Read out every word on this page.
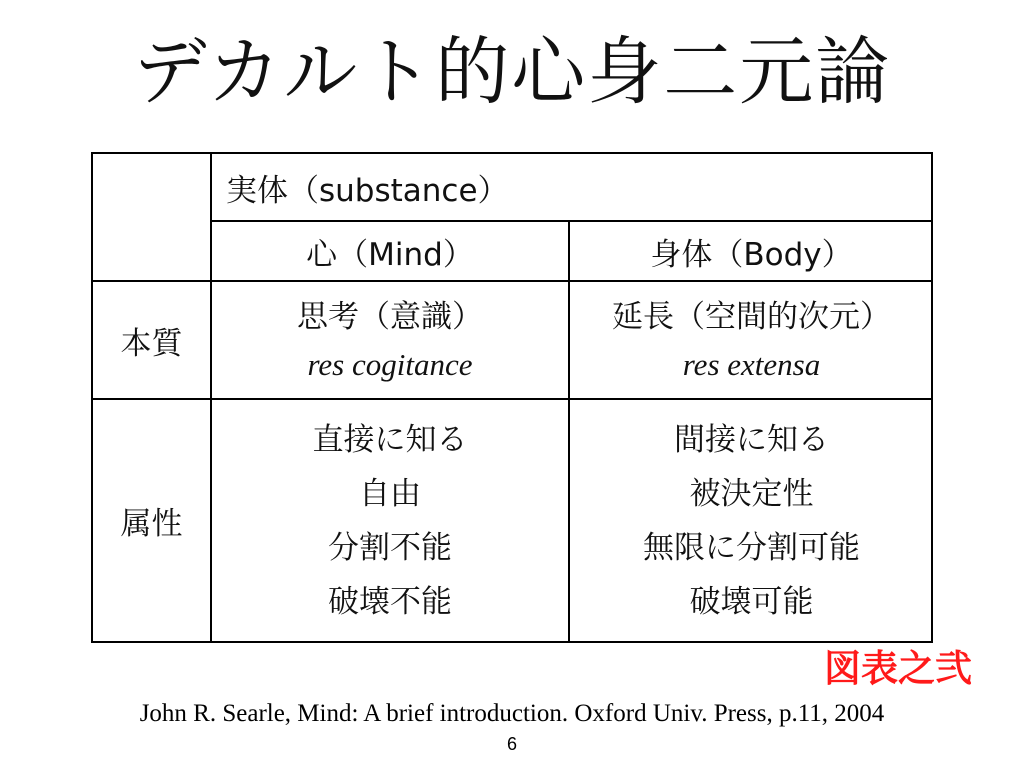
デカルト的心身二元論
実体（substance）
心（Mind）	身体（Body）
本質
思考（意識）
res cogitance
延長（空間的次元）
res extensa
属性
直接に知る
自由
分割不能
破壊不能
間接に知る
被決定性
無限に分割可能
破壊可能
図表之弐
John R. Searle, Mind: A brief introduction. Oxford Univ. Press, p.11, 2004
6
